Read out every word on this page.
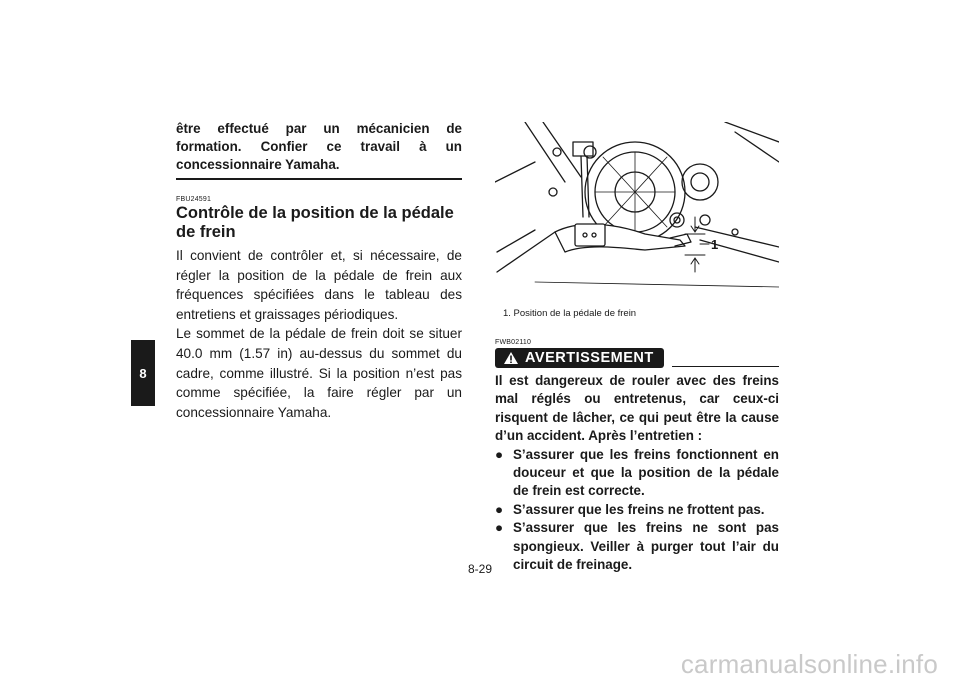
8

être effectué par un mécanicien de formation. Confier ce travail à un concessionnaire Yamaha.

FBU24591

Contrôle de la position de la pédale de frein

Il convient de contrôler et, si nécessaire, de régler la position de la pédale de frein aux fréquences spécifiées dans le tableau des entretiens et graissages périodiques.

Le sommet de la pédale de frein doit se situer 40.0 mm (1.57 in) au-dessus du sommet du cadre, comme illustré. Si la position n’est pas comme spécifiée, la faire régler par un concessionnaire Yamaha.

1

1. Position de la pédale de frein

FWB02110

AVERTISSEMENT

Il est dangereux de rouler avec des freins mal réglés ou entretenus, car ceux-ci risquent de lâcher, ce qui peut être la cause d’un accident. Après l’entretien :

● S’assurer que les freins fonctionnent en douceur et que la position de la pédale de frein est correcte.
● S’assurer que les freins ne frottent pas.
● S’assurer que les freins ne sont pas spongieux. Veiller à purger tout l’air du circuit de freinage.
8-29
carmanualsonline.info
